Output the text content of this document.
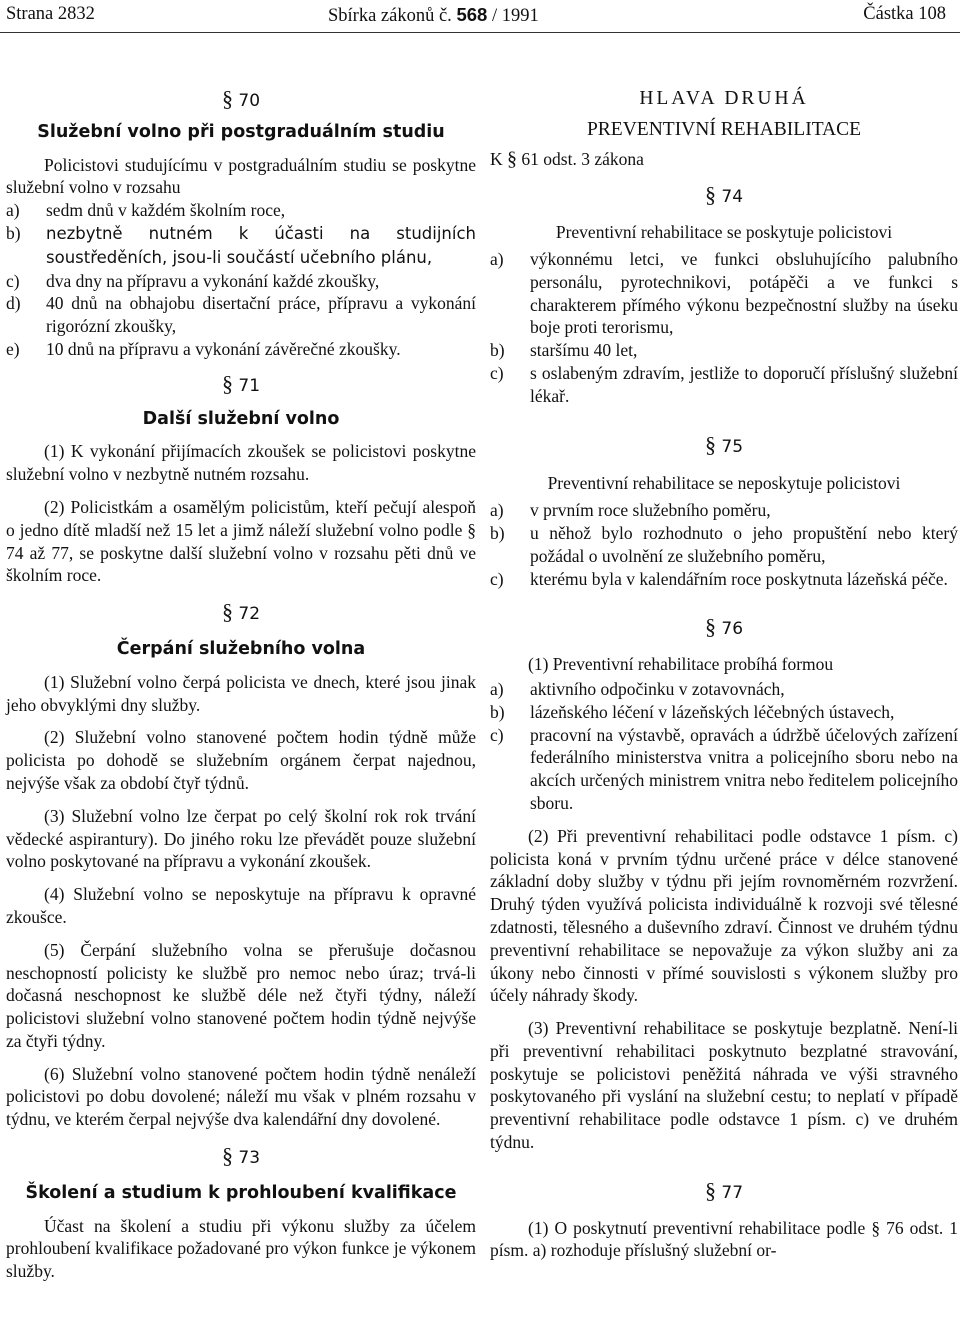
Strana 2832	Sbírka zákonů č. 568 / 1991	Částka 108

§ 70

Služební volno při postgraduálním studiu

Policistovi studujícímu v postgraduálním studiu se poskytne služební volno v rozsahu

a) sedm dnů v každém školním roce,
b) nezbytně nutném k účasti na studijních soustředěních, jsou-li součástí učebního plánu,
c) dva dny na přípravu a vykonání každé zkoušky,
d) 40 dnů na obhajobu disertační práce, přípravu a vykonání rigorózní zkoušky,
e) 10 dnů na přípravu a vykonání závěrečné zkoušky.

§ 71

Další služební volno

(1) K vykonání přijímacích zkoušek se policistovi poskytne služební volno v nezbytně nutném rozsahu.

(2) Policistkám a osamělým policistům, kteří pečují alespoň o jedno dítě mladší než 15 let a jimž náleží služební volno podle § 74 až 77, se poskytne další služební volno v rozsahu pěti dnů ve školním roce.

§ 72

Čerpání služebního volna

(1) Služební volno čerpá policista ve dnech, které jsou jinak jeho obvyklými dny služby.

(2) Služební volno stanovené počtem hodin týdně může policista po dohodě se služebním orgánem čerpat najednou, nejvýše však za období čtyř týdnů.

(3) Služební volno lze čerpat po celý školní rok rok trvání vědecké aspirantury). Do jiného roku lze převádět pouze služební volno poskytované na přípravu a vykonání zkoušek.

(4) Služební volno se neposkytuje na přípravu k opravné zkoušce.

(5) Čerpání služebního volna se přerušuje dočasnou neschopností policisty ke službě pro nemoc nebo úraz; trvá-li dočasná neschopnost ke službě déle než čtyři týdny, náleží policistovi služební volno stanovené počtem hodin týdně nejvýše za čtyři týdny.

(6) Služební volno stanovené počtem hodin týdně nenáleží policistovi po dobu dovolené; náleží mu však v plném rozsahu v týdnu, ve kterém čerpal nejvýše dva kalendářní dny dovolené.

§ 73

Školení a studium k prohloubení kvalifikace

Účast na školení a studiu při výkonu služby za účelem prohloubení kvalifikace požadované pro výkon funkce je výkonem služby.

HLAVA DRUHÁ

PREVENTIVNÍ REHABILITACE

K § 61 odst. 3 zákona

§ 74

Preventivní rehabilitace se poskytuje policistovi

a) výkonnému letci, ve funkci obsluhujícího palubního personálu, pyrotechnikovi, potápěči a ve funkci s charakterem přímého výkonu bezpečnostní služby na úseku boje proti terorismu,
b) staršímu 40 let,
c) s oslabeným zdravím, jestliže to doporučí příslušný služební lékař.

§ 75

Preventivní rehabilitace se neposkytuje policistovi

a) v prvním roce služebního poměru,
b) u něhož bylo rozhodnuto o jeho propuštění nebo který požádal o uvolnění ze služebního poměru,
c) kterému byla v kalendářním roce poskytnuta lázeňská péče.

§ 76

(1) Preventivní rehabilitace probíhá formou

a) aktivního odpočinku v zotavovnách,
b) lázeňského léčení v lázeňských léčebných ústavech,
c) pracovní na výstavbě, opravách a údržbě účelových zařízení federálního ministerstva vnitra a policejního sboru nebo na akcích určených ministrem vnitra nebo ředitelem policejního sboru.

(2) Při preventivní rehabilitaci podle odstavce 1 písm. c) policista koná v prvním týdnu určené práce v délce stanovené základní doby služby v týdnu při jejím rovnoměrném rozvržení. Druhý týden využívá policista individuálně k rozvoji své tělesné zdatnosti, tělesného a duševního zdraví. Činnost ve druhém týdnu preventivní rehabilitace se nepovažuje za výkon služby ani za úkony nebo činnosti v přímé souvislosti s výkonem služby pro účely náhrady škody.

(3) Preventivní rehabilitace se poskytuje bezplatně. Není-li při preventivní rehabilitaci poskytnuto bezplatné stravování, poskytuje se policistovi peněžitá náhrada ve výši stravného poskytovaného při vyslání na služební cestu; to neplatí v případě preventivní rehabilitace podle odstavce 1 písm. c) ve druhém týdnu.

§ 77

(1) O poskytnutí preventivní rehabilitace podle § 76 odst. 1 písm. a) rozhoduje příslušný služební or-
